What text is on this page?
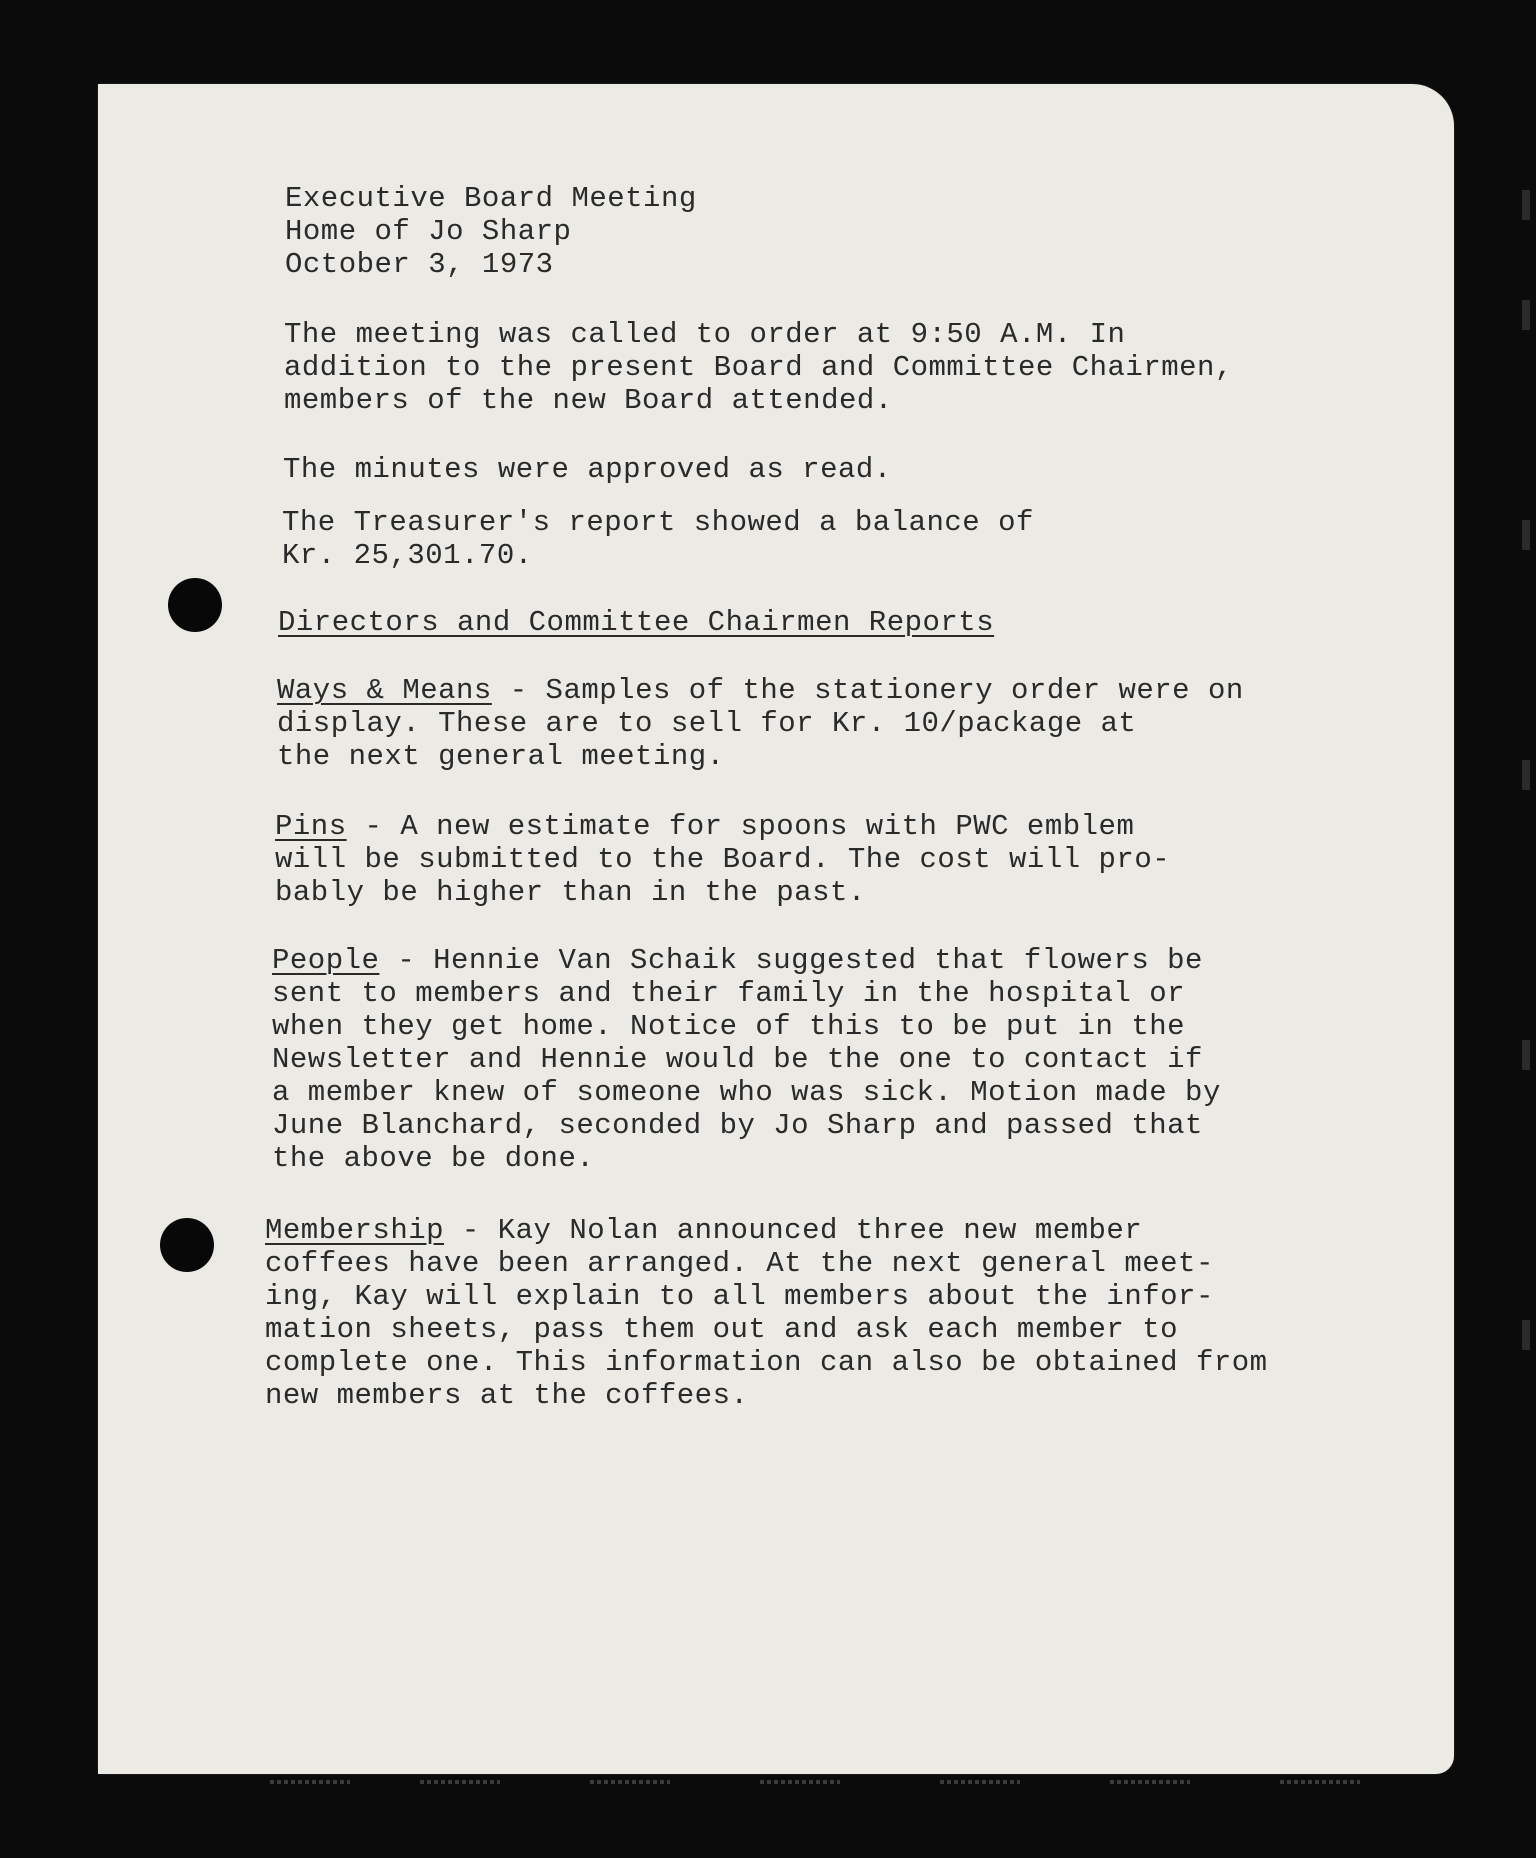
Executive Board Meeting
Home of Jo Sharp
October 3, 1973
The meeting was called to order at 9:50 A.M. In
addition to the present Board and Committee Chairmen,
members of the new Board attended.
The minutes were approved as read.
The Treasurer's report showed a balance of
Kr. 25,301.70.
Directors and Committee Chairmen Reports
Ways & Means - Samples of the stationery order were on
display. These are to sell for Kr. 10/package at
the next general meeting.
Pins - A new estimate for spoons with PWC emblem
will be submitted to the Board. The cost will pro-
bably be higher than in the past.
People - Hennie Van Schaik suggested that flowers be
sent to members and their family in the hospital or
when they get home. Notice of this to be put in the
Newsletter and Hennie would be the one to contact if
a member knew of someone who was sick. Motion made by
June Blanchard, seconded by Jo Sharp and passed that
the above be done.
Membership - Kay Nolan announced three new member
coffees have been arranged. At the next general meet-
ing, Kay will explain to all members about the infor-
mation sheets, pass them out and ask each member to
complete one. This information can also be obtained from
new members at the coffees.
